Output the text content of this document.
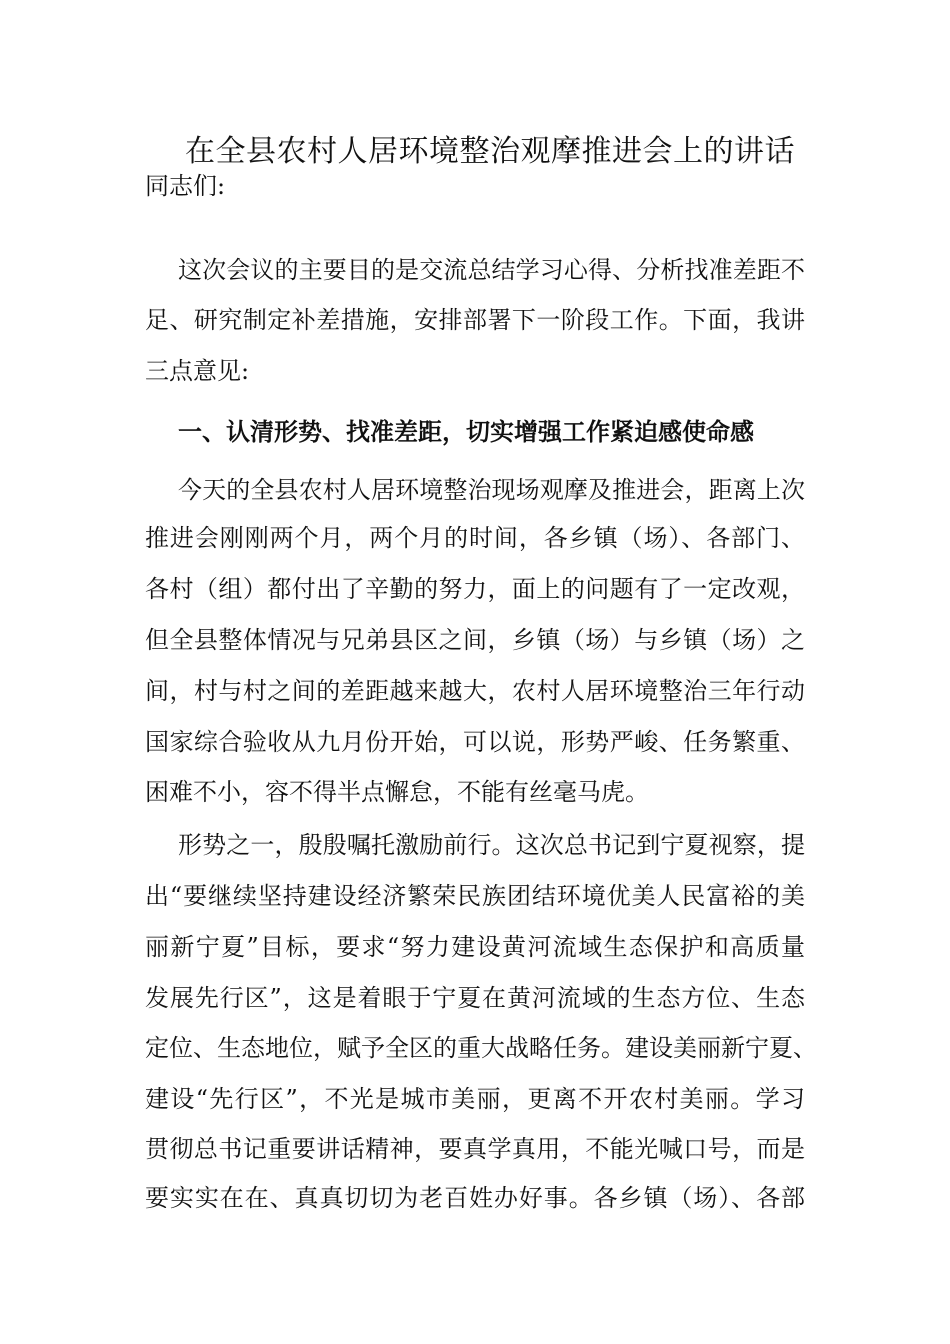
在全县农村人居环境整治观摩推进会上的讲话

同志们:

这次会议的主要目的是交流总结学习心得、分析找准差距不

足、研究制定补差措施，安排部署下一阶段工作。下面，我讲

三点意见:

一、认清形势、找准差距，切实增强工作紧迫感使命感

今天的全县农村人居环境整治现场观摩及推进会，距离上次

推进会刚刚两个月，两个月的时间，各乡镇（场）、各部门、

各村（组）都付出了辛勤的努力，面上的问题有了一定改观，

但全县整体情况与兄弟县区之间，乡镇（场）与乡镇（场）之

间，村与村之间的差距越来越大，农村人居环境整治三年行动

国家综合验收从九月份开始，可以说，形势严峻、任务繁重、

困难不小，容不得半点懈怠，不能有丝毫马虎。

形势之一，殷殷嘱托激励前行。这次总书记到宁夏视察，提

出“要继续坚持建设经济繁荣民族团结环境优美人民富裕的美

丽新宁夏”目标，要求“努力建设黄河流域生态保护和高质量

发展先行区”，这是着眼于宁夏在黄河流域的生态方位、生态

定位、生态地位，赋予全区的重大战略任务。建设美丽新宁夏、

建设“先行区”，不光是城市美丽，更离不开农村美丽。学习

贯彻总书记重要讲话精神，要真学真用，不能光喊口号，而是

要实实在在、真真切切为老百姓办好事。各乡镇（场）、各部
